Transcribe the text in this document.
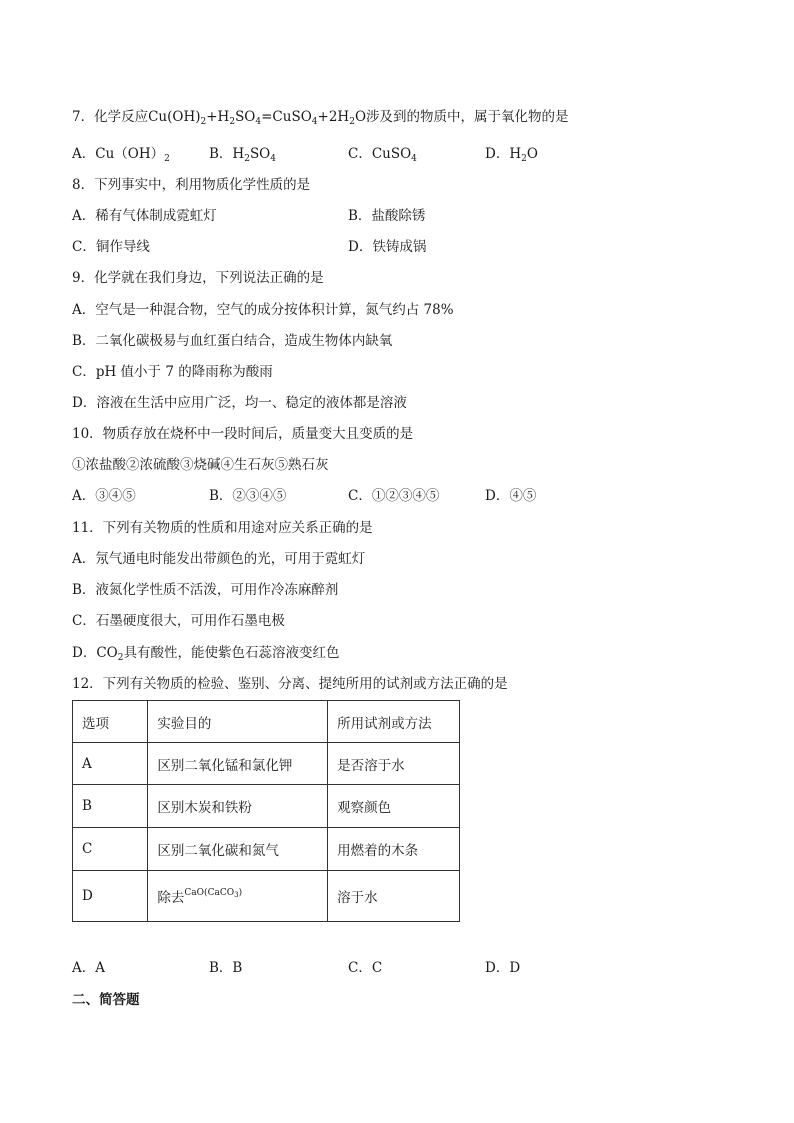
7．化学反应$Cu(OH)_2+H_2SO_4=CuSO_4+2H_2O$涉及到的物质中，属于氧化物的是
A．$Cu(OH)_2$	B．$H_2SO_4$	C．CuSO$_4$	D．$H_2O$
8．下列事实中，利用物质化学性质的是
A．稀有气体制成霓虹灯	B．盐酸除锈
C．铜作导线	D．铁铸成锅
9．化学就在我们身边，下列说法正确的是
A．空气是一种混合物，空气的成分按体积计算，氮气约占 78%
B．二氧化碳极易与血红蛋白结合，造成生物体内缺氧
C．pH 值小于 7 的降雨称为酸雨
D．溶液在生活中应用广泛，均一、稳定的液体都是溶液
10．物质存放在烧杯中一段时间后，质量变大且变质的是
①浓盐酸②浓硫酸③烧碱④生石灰⑤熟石灰
A．③④⑤	B．②③④⑤	C．①②③④⑤	D．④⑤
11．下列有关物质的性质和用途对应关系正确的是
A．氖气通电时能发出带颜色的光，可用于霓虹灯
B．液氮化学性质不活泼，可用作冷冻麻醉剂
C．石墨硬度很大，可用作石墨电极
D．$CO_2$具有酸性，能使紫色石蕊溶液变红色
12．下列有关物质的检验、鉴别、分离、提纯所用的试剂或方法正确的是
选项	实验目的	所用试剂或方法
A	区别二氧化锰和氯化钾	是否溶于水
B	区别木炭和铁粉	观察颜色
C	区别二氧化碳和氮气	用燃着的木条
D	除去$^{CaO(CaCO_3)}$	溶于水
A．A	B．B	C．C	D．D
二、简答题
